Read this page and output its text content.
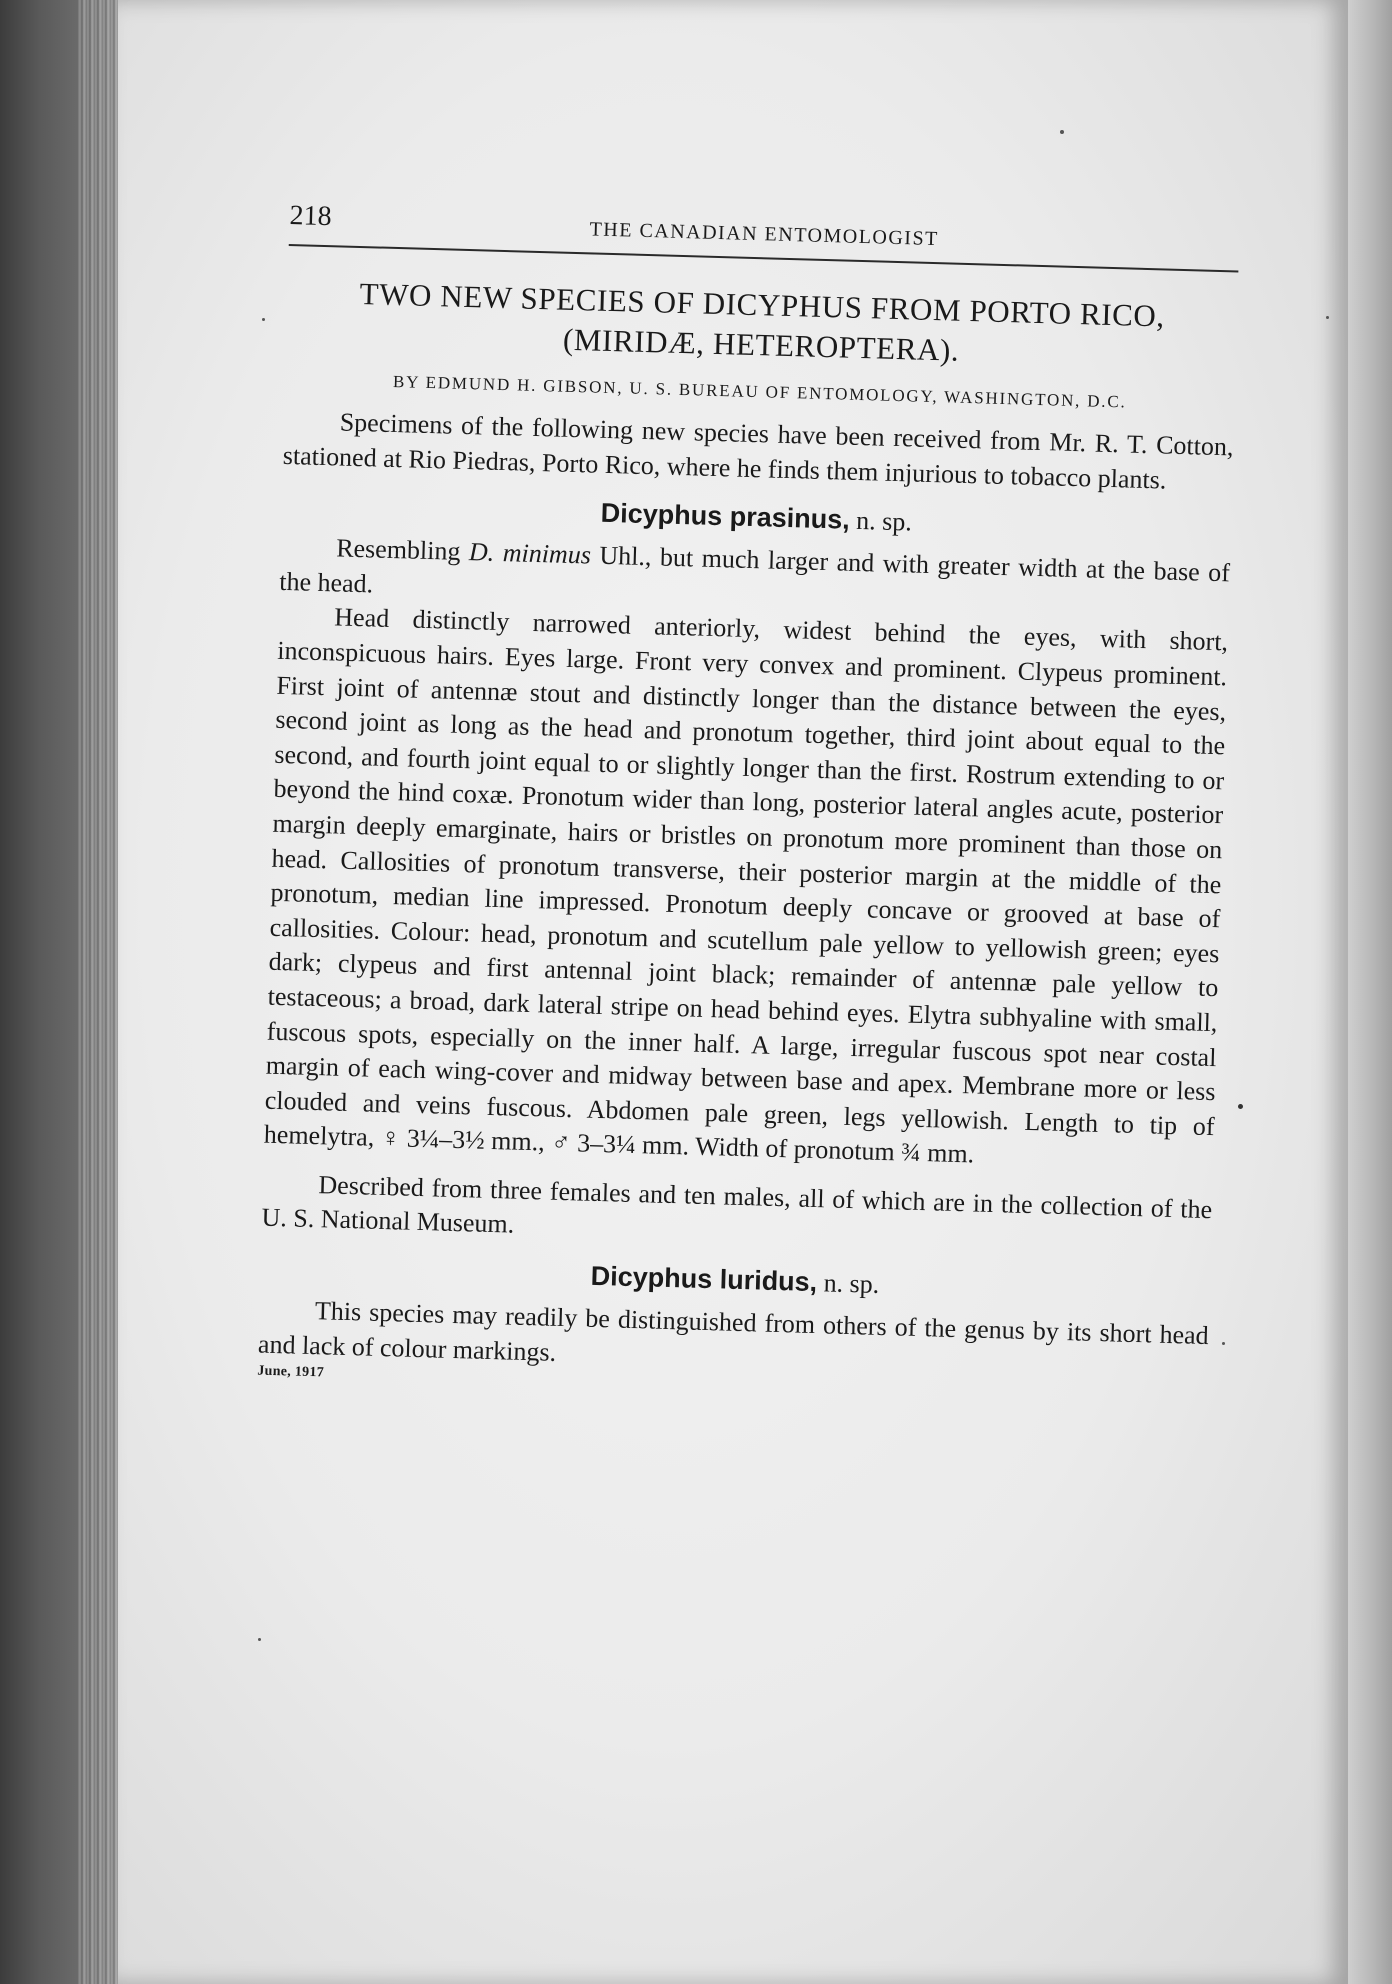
218
THE CANADIAN ENTOMOLOGIST
TWO NEW SPECIES OF DICYPHUS FROM PORTO RICO, (MIRIDÆ, HETEROPTERA).
BY EDMUND H. GIBSON, U. S. BUREAU OF ENTOMOLOGY, WASHINGTON, D.C.

Specimens of the following new species have been received from Mr. R. T. Cotton, stationed at Rio Piedras, Porto Rico, where he finds them injurious to tobacco plants.

Dicyphus prasinus, n. sp.

Resembling D. minimus Uhl., but much larger and with greater width at the base of the head.

Head distinctly narrowed anteriorly, widest behind the eyes, with short, inconspicuous hairs. Eyes large. Front very convex and prominent. Clypeus prominent. First joint of antennæ stout and distinctly longer than the distance between the eyes, second joint as long as the head and pronotum together, third joint about equal to the second, and fourth joint equal to or slightly longer than the first. Rostrum extending to or beyond the hind coxæ. Pronotum wider than long, posterior lateral angles acute, posterior margin deeply emarginate, hairs or bristles on pronotum more prominent than those on head. Callosities of pronotum transverse, their posterior margin at the middle of the pronotum, median line impressed. Pronotum deeply concave or grooved at base of callosities. Colour: head, pronotum and scutellum pale yellow to yellowish green; eyes dark; clypeus and first antennal joint black; remainder of antennæ pale yellow to testaceous; a broad, dark lateral stripe on head behind eyes. Elytra subhyaline with small, fuscous spots, especially on the inner half. A large, irregular fuscous spot near costal margin of each wing-cover and midway between base and apex. Membrane more or less clouded and veins fuscous. Abdomen pale green, legs yellowish. Length to tip of hemelytra, ♀ 3¼–3½ mm., ♂ 3–3¼ mm. Width of pronotum ¾ mm.

Described from three females and ten males, all of which are in the collection of the U. S. National Museum.

Dicyphus luridus, n. sp.

This species may readily be distinguished from others of the genus by its short head and lack of colour markings.

June, 1917
